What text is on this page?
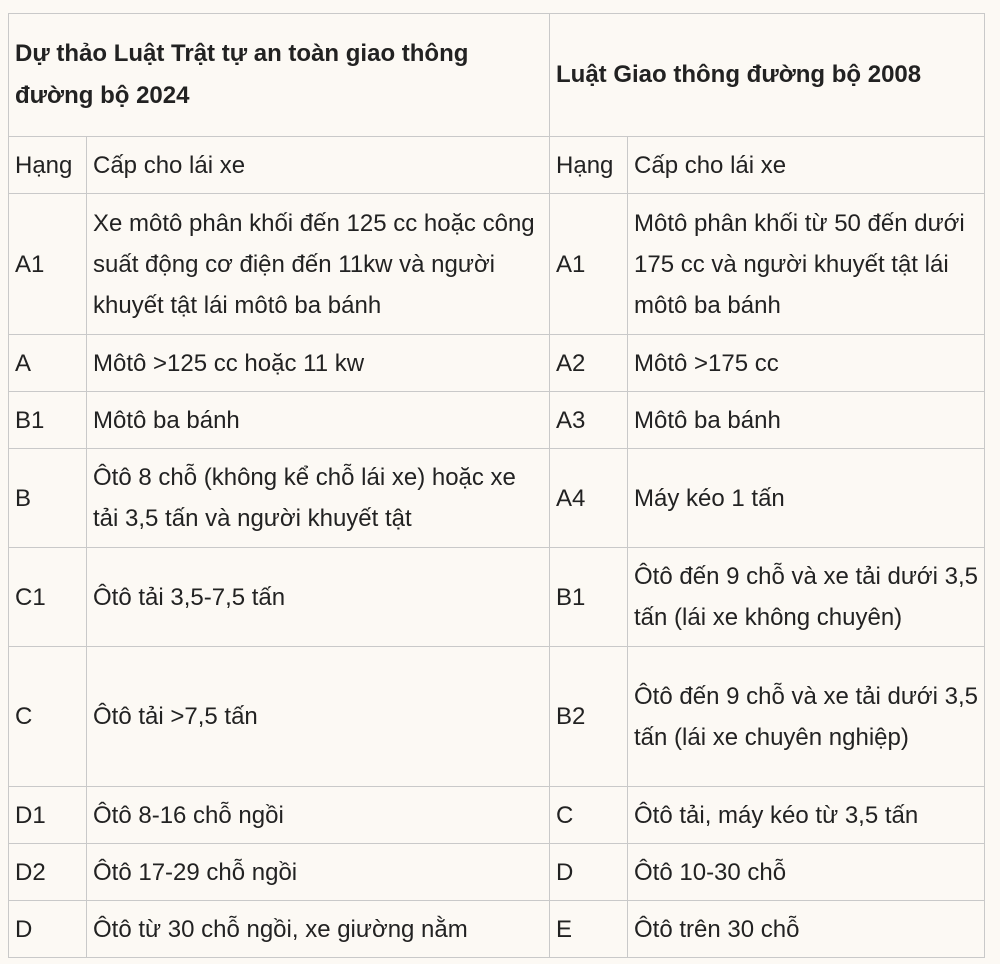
Dự thảo Luật Trật tự an toàn giao thông đường bộ 2024		Luật Giao thông đường bộ 2008	
Hạng	Cấp cho lái xe	Hạng	Cấp cho lái xe
A1	Xe môtô phân khối đến 125 cc hoặc công suất động cơ điện đến 11kw và người khuyết tật lái môtô ba bánh	A1	Môtô phân khối từ 50 đến dưới 175 cc và người khuyết tật lái môtô ba bánh
A	Môtô >125 cc hoặc 11 kw	A2	Môtô >175 cc
B1	Môtô ba bánh	A3	Môtô ba bánh
B	Ôtô 8 chỗ (không kể chỗ lái xe) hoặc xe tải 3,5 tấn và người khuyết tật	A4	Máy kéo 1 tấn
C1	Ôtô tải 3,5-7,5 tấn	B1	Ôtô đến 9 chỗ và xe tải dưới 3,5 tấn (lái xe không chuyên)
C	Ôtô tải >7,5 tấn	B2	Ôtô đến 9 chỗ và xe tải dưới 3,5 tấn (lái xe chuyên nghiệp)
D1	Ôtô 8-16 chỗ ngồi	C	Ôtô tải, máy kéo từ 3,5 tấn
D2	Ôtô 17-29 chỗ ngồi	D	Ôtô 10-30 chỗ
D	Ôtô từ 30 chỗ ngồi, xe giường nằm	E	Ôtô trên 30 chỗ
